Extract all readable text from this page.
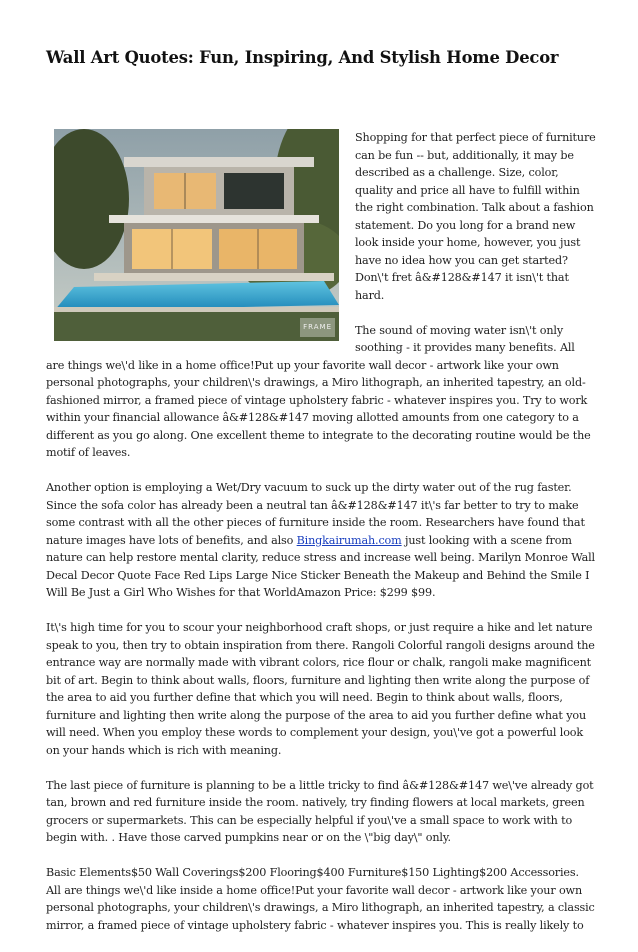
Wall Art Quotes: Fun, Inspiring, And Stylish Home Decor
FRAME

Shopping for that perfect piece of furniture can be fun -- but, additionally, it may be described as a challenge. Size, color, quality and price all have to fulfill within the right combination. Talk about a fashion statement. Do you long for a brand new look inside your home, however, you just have no idea how you can get started? Don\'t fret â&#128&#147 it isn\'t that hard.

The sound of moving water isn\'t only soothing - it provides many benefits. All are things we\'d like in a home office!Put up your favorite wall decor - artwork like your own personal photographs, your children\'s drawings, a Miro lithograph, an inherited tapestry, an old-fashioned mirror, a framed piece of vintage upholstery fabric - whatever inspires you. Try to work within your financial allowance â&#128&#147 moving allotted amounts from one category to a different as you go along. One excellent theme to integrate to the decorating routine would be the motif of leaves.

Another option is employing a Wet/Dry vacuum to suck up the dirty water out of the rug faster. Since the sofa color has already been a neutral tan â&#128&#147 it\'s far better to try to make some contrast with all the other pieces of furniture inside the room. Researchers have found that nature images have lots of benefits, and also Bingkairumah.com just looking with a scene from nature can help restore mental clarity, reduce stress and increase well being. Marilyn Monroe Wall Decal Decor Quote Face Red Lips Large Nice Sticker Beneath the Makeup and Behind the Smile I Will Be Just a Girl Who Wishes for that WorldAmazon Price: $299 $99.

It\'s high time for you to scour your neighborhood craft shops, or just require a hike and let nature speak to you, then try to obtain inspiration from there. Rangoli Colorful rangoli designs around the entrance way are normally made with vibrant colors, rice flour or chalk, rangoli make magnificent bit of art. Begin to think about walls, floors, furniture and lighting then write along the purpose of the area to aid you further define that which you will need. Begin to think about walls, floors, furniture and lighting then write along the purpose of the area to aid you further define what you will need. When you employ these words to complement your design, you\'ve got a powerful look on your hands which is rich with meaning.

The last piece of furniture is planning to be a little tricky to find â&#128&#147 we\'ve already got tan, brown and red furniture inside the room. natively, try finding flowers at local markets, green grocers or supermarkets. This can be especially helpful if you\'ve a small space to work with to begin with. . Have those carved pumpkins near or on the \"big day\" only.

Basic Elements$50 Wall Coverings$200 Flooring$400 Furniture$150 Lighting$200 Accessories. All are things we\'d like inside a home office!Put your favorite wall decor - artwork like your own personal photographs, your children\'s drawings, a Miro lithograph, an inherited tapestry, a classic mirror, a framed piece of vintage upholstery fabric - whatever inspires you. This is really likely to
